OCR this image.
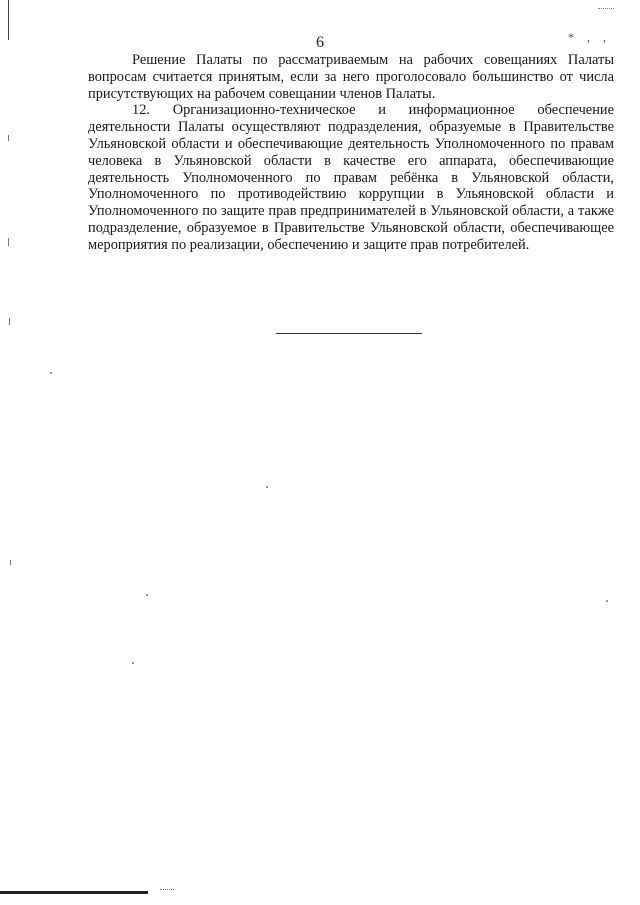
* , ,
6

Решение Палаты по рассматриваемым на рабочих совещаниях Палаты вопросам считается принятым, если за него проголосовало большинство от числа присутствующих на рабочем совещании членов Палаты.

12. Организационно-техническое и информационное обеспечение деятельности Палаты осуществляют подразделения, образуемые в Правительстве Ульяновской области и обеспечивающие деятельность Уполномоченного по правам человека в Ульяновской области в качестве его аппарата, обеспечивающие деятельность Уполномоченного по правам ребёнка в Ульяновской области, Уполномоченного по противодействию коррупции в Ульяновской области и Уполномоченного по защите прав предпринимателей в Ульяновской области, а также подразделение, образуемое в Правительстве Ульяновской области, обеспечивающее мероприятия по реализации, обеспечению и защите прав потребителей.
